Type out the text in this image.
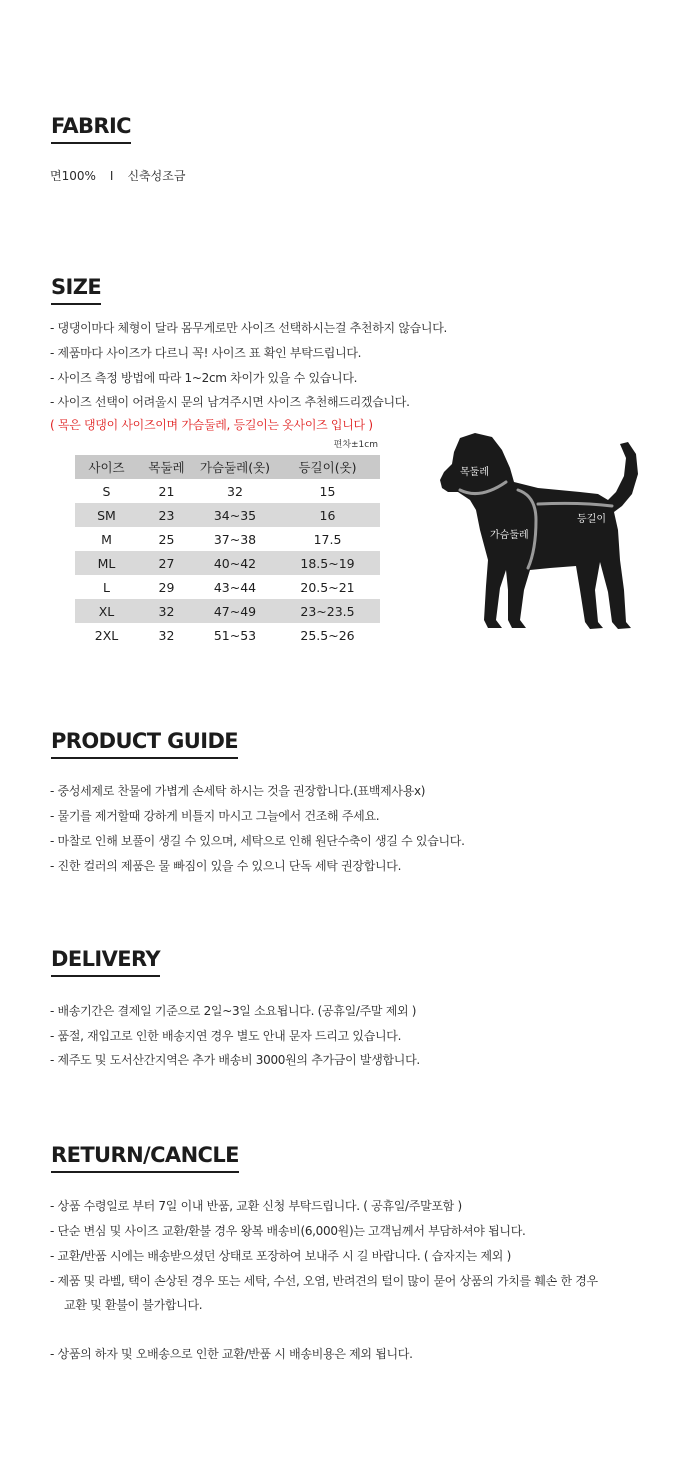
FABRIC
면100% I 신축성조금
SIZE

- 댕댕이마다 체형이 달라 몸무게로만 사이즈 선택하시는걸 추천하지 않습니다.

- 제품마다 사이즈가 다르니 꼭! 사이즈 표 확인 부탁드립니다.

- 사이즈 측정 방법에 따라 1~2cm 차이가 있을 수 있습니다.

- 사이즈 선택이 어려울시 문의 남겨주시면 사이즈 추천해드리겠습니다.

( 목은 댕댕이 사이즈이며 가슴둘레, 등길이는 옷사이즈 입니다 )

편차±1cm
사이즈	목둘레	가슴둘레(옷)	등길이(옷)
S	21	32	15
SM	23	34~35	16
M	25	37~38	17.5
ML	27	40~42	18.5~19
L	29	43~44	20.5~21
XL	32	47~49	23~23.5
2XL	32	51~53	25.5~26
목둘레
가슴둘레
등길이
PRODUCT GUIDE

- 중성세제로 찬물에 가볍게 손세탁 하시는 것을 권장합니다.(표백제사용x)

- 물기를 제거할때 강하게 비틀지 마시고 그늘에서 건조해 주세요.

- 마찰로 인해 보풀이 생길 수 있으며, 세탁으로 인해 원단수축이 생길 수 있습니다.

- 진한 컬러의 제품은 물 빠짐이 있을 수 있으니 단독 세탁 권장합니다.

DELIVERY

- 배송기간은 결제일 기준으로 2일~3일 소요됩니다. (공휴일/주말 제외 )

- 품절, 재입고로 인한 배송지연 경우 별도 안내 문자 드리고 있습니다.

- 제주도 및 도서산간지역은 추가 배송비 3000원의 추가금이 발생합니다.

RETURN/CANCLE

- 상품 수령일로 부터 7일 이내 반품, 교환 신청 부탁드립니다. ( 공휴일/주말포함 )

- 단순 변심 및 사이즈 교환/환불 경우 왕복 배송비(6,000원)는 고객님께서 부담하셔야 됩니다.

- 교환/반품 시에는 배송받으셨던 상태로 포장하여 보내주 시 길 바랍니다. ( 습자지는 제외 )

- 제품 및 라벨, 택이 손상된 경우 또는 세탁, 수선, 오염, 반려견의 털이 많이 묻어 상품의 가치를 훼손 한 경우

교환 및 환불이 불가합니다.

- 상품의 하자 및 오배송으로 인한 교환/반품 시 배송비용은 제외 됩니다.
